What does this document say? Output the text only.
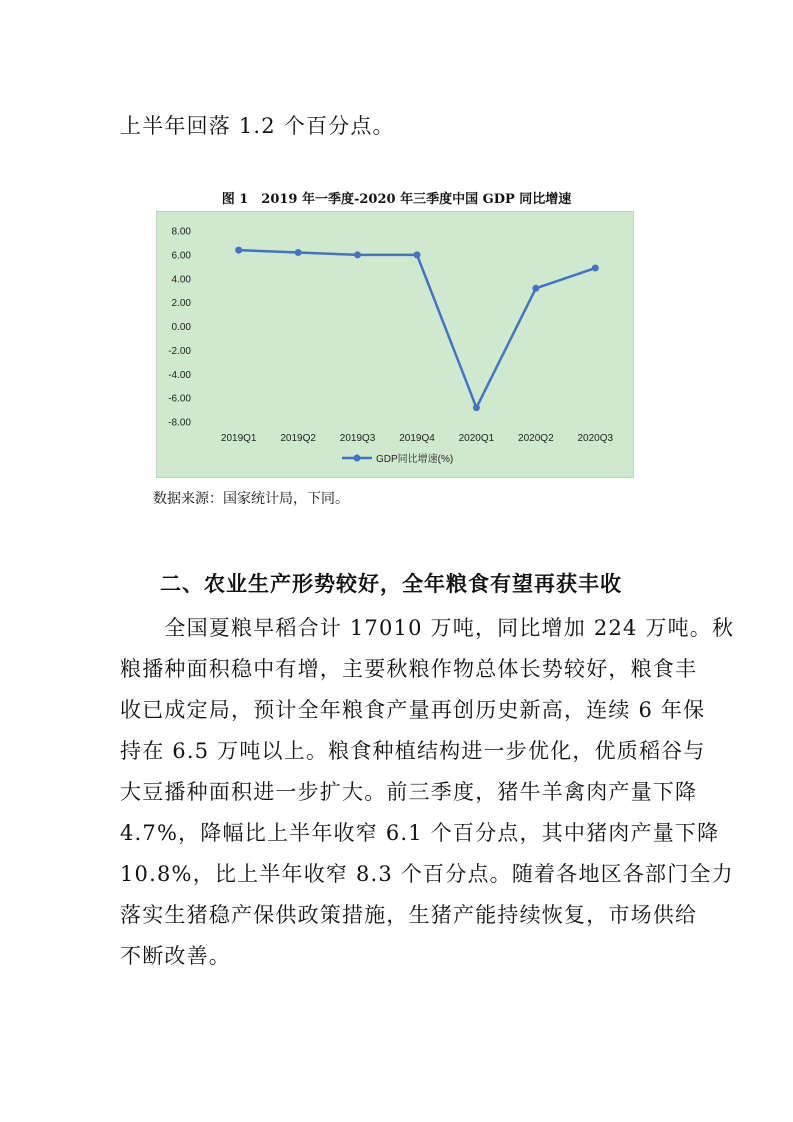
上半年回落 1.2 个百分点。
图 1　2019 年一季度-2020 年三季度中国 GDP 同比增速
8.00
6.00
4.00
2.00
0.00
-2.00
-4.00
-6.00
-8.00
2019Q1 2019Q2 2019Q3 2019Q4 2020Q1 2020Q2 2020Q3
GDP同比增速(%)
数据来源：国家统计局，下同。
二、农业生产形势较好，全年粮食有望再获丰收
　　全国夏粮早稻合计 17010 万吨，同比增加 224 万吨。秋
粮播种面积稳中有增，主要秋粮作物总体长势较好，粮食丰
收已成定局，预计全年粮食产量再创历史新高，连续 6 年保
持在 6.5 万吨以上。粮食种植结构进一步优化，优质稻谷与
大豆播种面积进一步扩大。前三季度，猪牛羊禽肉产量下降
4.7%，降幅比上半年收窄 6.1 个百分点，其中猪肉产量下降
10.8%，比上半年收窄 8.3 个百分点。随着各地区各部门全力
落实生猪稳产保供政策措施，生猪产能持续恢复，市场供给
不断改善。
